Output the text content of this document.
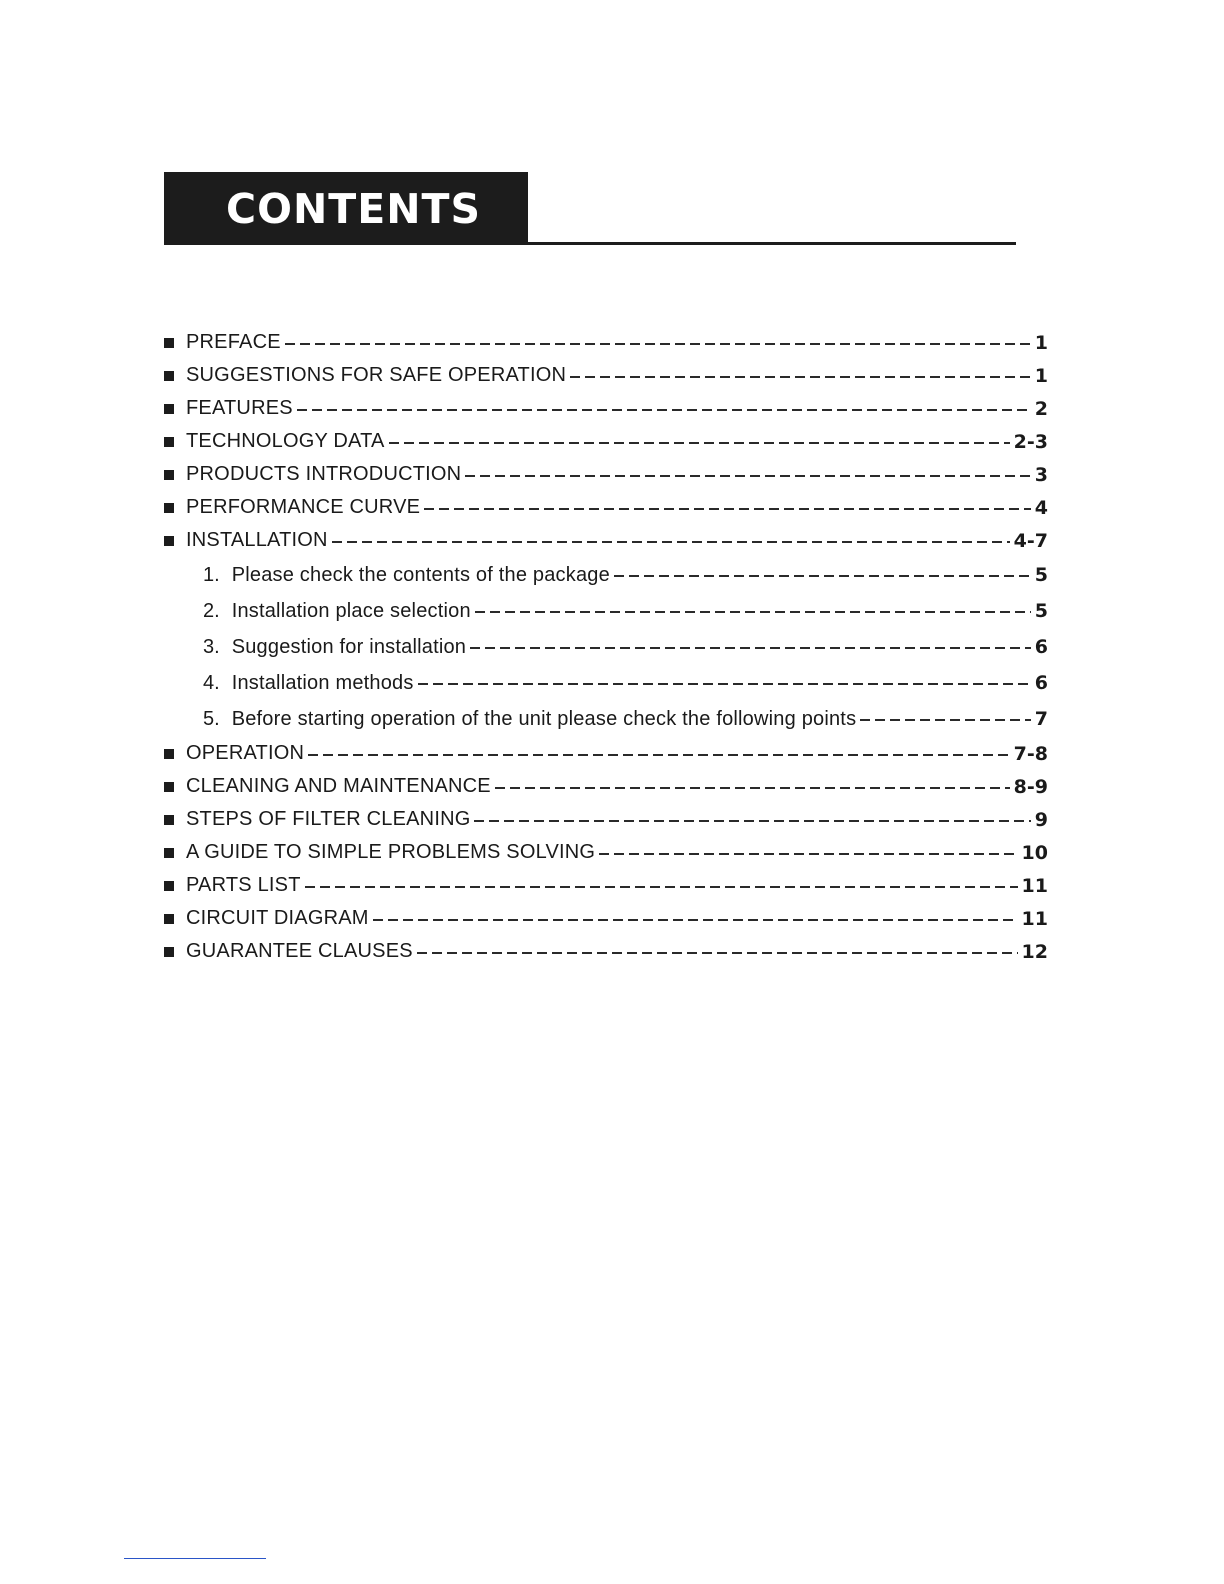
CONTENTS
PREFACE	1
SUGGESTIONS FOR SAFE OPERATION	1
FEATURES	2
TECHNOLOGY DATA	2-3
PRODUCTS INTRODUCTION	3
PERFORMANCE CURVE	4
INSTALLATION	4-7
1. Please check the contents of the package	5
2. Installation place selection	5
3. Suggestion for installation	6
4. Installation methods	6
5. Before starting operation of the unit please check the following points	7
OPERATION	7-8
CLEANING AND MAINTENANCE	8-9
STEPS OF FILTER CLEANING	9
A GUIDE TO SIMPLE PROBLEMS SOLVING	10
PARTS LIST	11
CIRCUIT DIAGRAM	11
GUARANTEE CLAUSES	12
